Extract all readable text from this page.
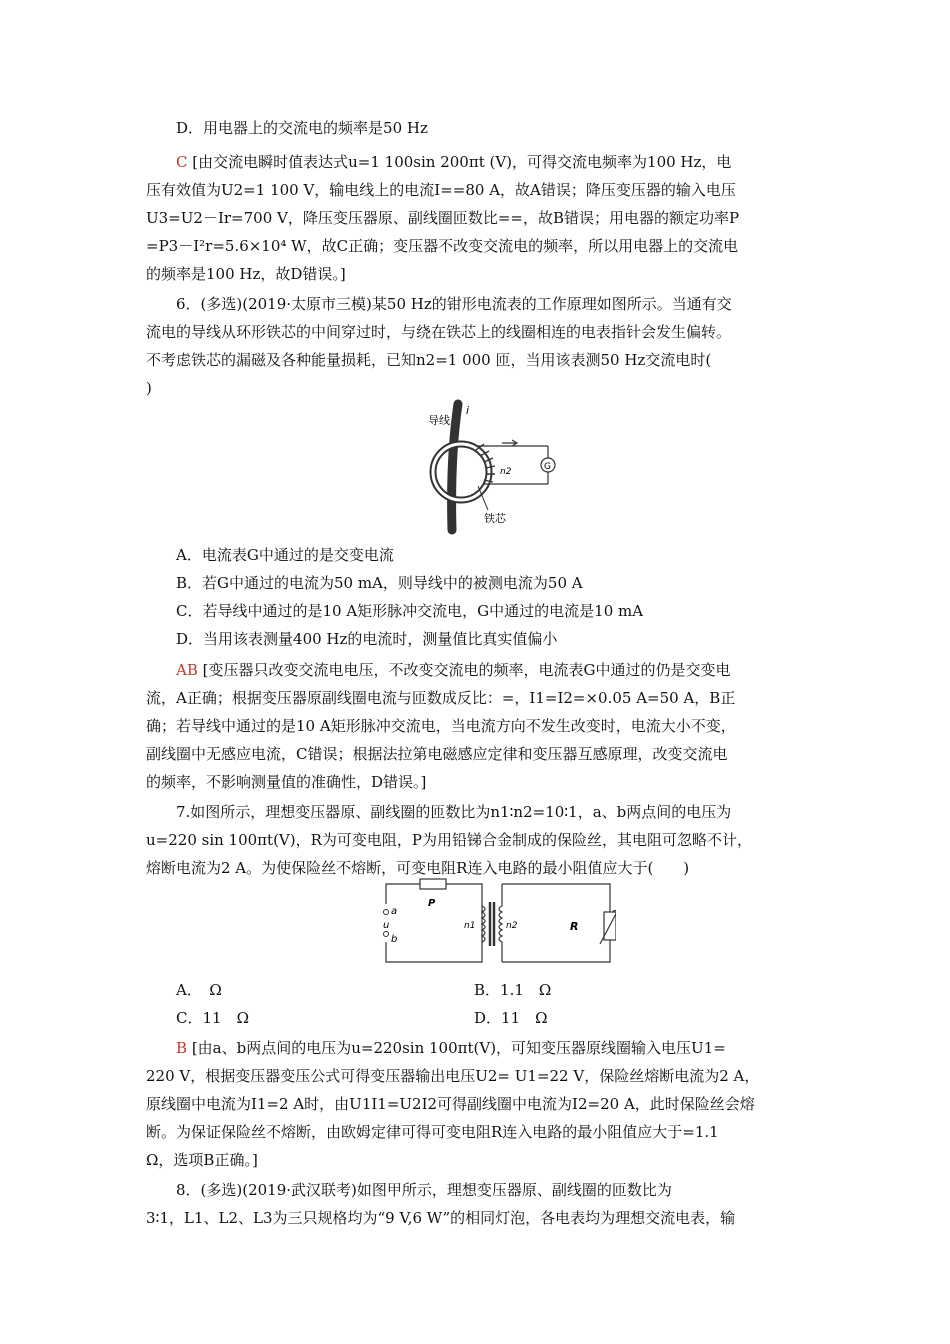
D．用电器上的交流电的频率是50 Hz
C [由交流电瞬时值表达式u=1 100sin 200πt (V)，可得交流电频率为100 Hz，电
压有效值为U2=1 100 V，输电线上的电流I==80 A，故A错误；降压变压器的输入电压
U3=U2－Ir=700 V，降压变压器原、副线圈匝数比==，故B错误；用电器的额定功率P
=P3－I²r=5.6×10⁴ W，故C正确；变压器不改变交流电的频率，所以用电器上的交流电
的频率是100 Hz，故D错误。]
6．(多选)(2019·太原市三模)某50 Hz的钳形电流表的工作原理如图所示。当通有交
流电的导线从环形铁芯的中间穿过时，与绕在铁芯上的线圈相连的电表指针会发生偏转。
不考虑铁芯的漏磁及各种能量损耗，已知n2=1 000 匝，当用该表测50 Hz交流电时(
)
G
导线
i
n2
铁芯
A．电流表G中通过的是交变电流
B．若G中通过的电流为50 mA，则导线中的被测电流为50 A
C．若导线中通过的是10 A矩形脉冲交流电，G中通过的电流是10 mA
D．当用该表测量400 Hz的电流时，测量值比真实值偏小
AB [变压器只改变交流电电压，不改变交流电的频率，电流表G中通过的仍是交变电
流，A正确；根据变压器原副线圈电流与匝数成反比：=，I1=I2=×0.05 A=50 A，B正
确；若导线中通过的是10 A矩形脉冲交流电，当电流方向不发生改变时，电流大小不变，
副线圈中无感应电流，C错误；根据法拉第电磁感应定律和变压器互感原理，改变交流电
的频率，不影响测量值的准确性，D错误。]
7.如图所示，理想变压器原、副线圈的匝数比为n1∶n2=10∶1，a、b两点间的电压为
u=220 sin 100πt(V)，R为可变电阻，P为用铅锑合金制成的保险丝，其电阻可忽略不计，
熔断电流为2 A。为使保险丝不熔断，可变电阻R连入电路的最小阻值应大于(　　)
P
a
u
b
n1	n2	R
A．　Ω	B．1.1　Ω
C．11　Ω	D．11　Ω
B [由a、b两点间的电压为u=220sin 100πt(V)，可知变压器原线圈输入电压U1=
220 V，根据变压器变压公式可得变压器输出电压U2= U1=22 V，保险丝熔断电流为2 A，
原线圈中电流为I1=2 A时，由U1I1=U2I2可得副线圈中电流为I2=20 A，此时保险丝会熔
断。为保证保险丝不熔断，由欧姆定律可得可变电阻R连入电路的最小阻值应大于=1.1
Ω，选项B正确。]
8．(多选)(2019·武汉联考)如图甲所示，理想变压器原、副线圈的匝数比为
3∶1，L1、L2、L3为三只规格均为“9 V,6 W”的相同灯泡，各电表均为理想交流电表，输
